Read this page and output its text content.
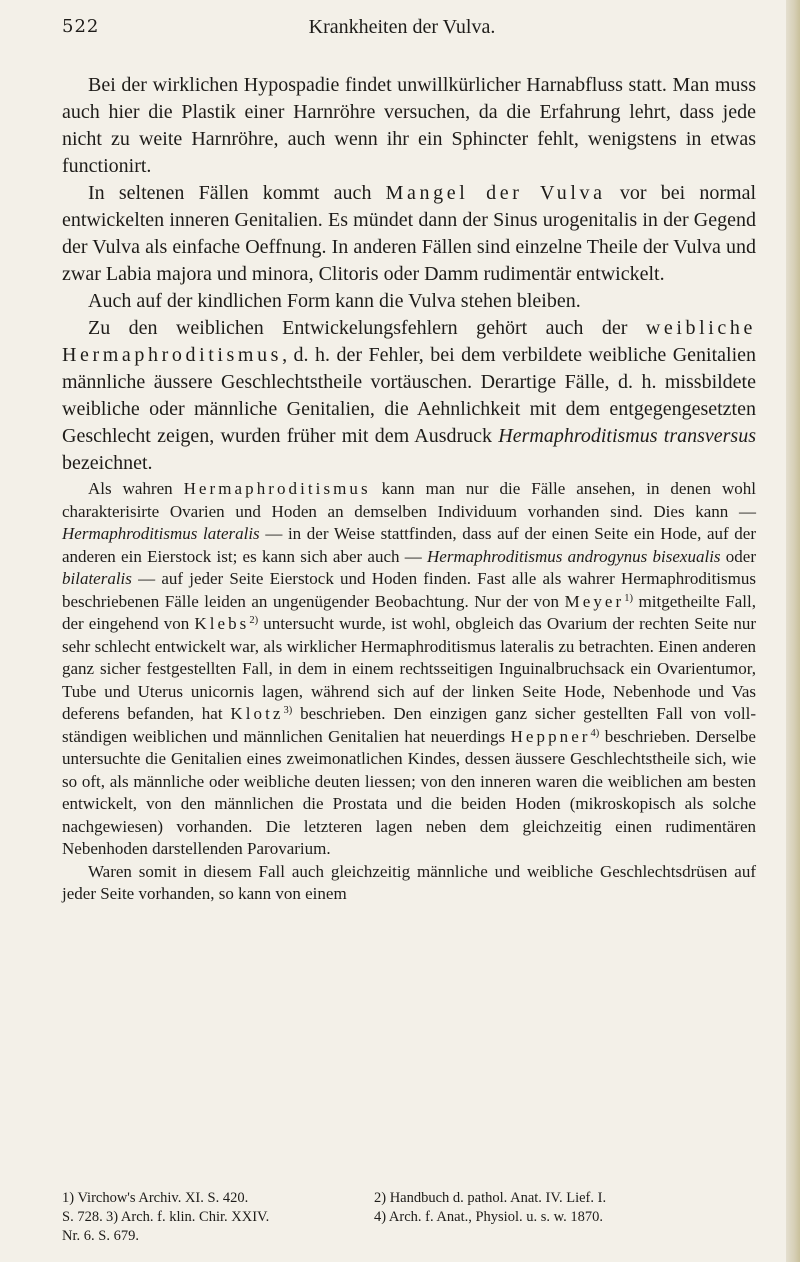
522	Krankheiten der Vulva.

Bei der wirklichen Hypospadie findet unwillkürlicher Harnabfluss statt. Man muss auch hier die Plastik einer Harnröhre versuchen, da die Erfahrung lehrt, dass jede nicht zu weite Harnröhre, auch wenn ihr ein Sphincter fehlt, wenigstens in etwas functionirt.

In seltenen Fällen kommt auch Mangel der Vulva vor bei normal entwickelten inneren Genitalien. Es mündet dann der Sinus urogenitalis in der Gegend der Vulva als einfache Oeffnung. In anderen Fällen sind einzelne Theile der Vulva und zwar Labia majora und minora, Clitoris oder Damm rudimentär entwickelt.

Auch auf der kindlichen Form kann die Vulva stehen bleiben.

Zu den weiblichen Entwickelungsfehlern gehört auch der weibliche Hermaphroditismus, d. h. der Fehler, bei dem verbildete weibliche Genitalien männliche äussere Geschlechtstheile vortäuschen. Derartige Fälle, d. h. missbildete weibliche oder männliche Genitalien, die Aehnlichkeit mit dem entgegengesetzten Geschlecht zeigen, wurden früher mit dem Ausdruck Hermaphroditismus transversus bezeichnet.

Als wahren Hermaphroditismus kann man nur die Fälle ansehen, in denen wohl charakterisirte Ovarien und Hoden an demselben Individuum vorhanden sind. Dies kann — Hermaphroditismus lateralis — in der Weise stattfinden, dass auf der einen Seite ein Hode, auf der anderen ein Eierstock ist; es kann sich aber auch — Hermaphroditismus androgynus bisexualis oder bilateralis — auf jeder Seite Eierstock und Hoden finden. Fast alle als wahrer Hermaphroditismus beschriebenen Fälle leiden an ungenügender Beobachtung. Nur der von Meyer$^{1)}$ mitgetheilte Fall, der eingehend von Klebs$^{2)}$ untersucht wurde, ist wohl, obgleich das Ovarium der rechten Seite nur sehr schlecht entwickelt war, als wirklicher Hermaphroditismus lateralis zu betrachten. Einen anderen ganz sicher festgestellten Fall, in dem in einem rechtsseitigen Inguinalbruchsack ein Ovarientumor, Tube und Uterus unicornis lagen, während sich auf der linken Seite Hode, Nebenhode und Vas deferens befanden, hat Klotz$^{3)}$ beschrieben. Den einzigen ganz sicher gestellten Fall von vollständigen weiblichen und männlichen Genitalien hat neuerdings Heppner$^{4)}$ beschrieben. Derselbe untersuchte die Genitalien eines zweimonatlichen Kindes, dessen äussere Geschlechtstheile sich, wie so oft, als männliche oder weibliche deuten liessen; von den inneren waren die weiblichen am besten entwickelt, von den männlichen die Prostata und die beiden Hoden (mikroskopisch als solche nachgewiesen) vorhanden. Die letzteren lagen neben dem gleichzeitig einen rudimentären Nebenhoden darstellenden Parovarium.

Waren somit in diesem Fall auch gleichzeitig männliche und weibliche Geschlechtsdrüsen auf jeder Seite vorhanden, so kann von einem

1) Virchow's Archiv. XI. S. 420.	2) Handbuch d. pathol. Anat. IV. Lief. I.
S. 728. 3) Arch. f. klin. Chir. XXIV.	4) Arch. f. Anat., Physiol. u. s. w. 1870.
Nr. 6. S. 679.
